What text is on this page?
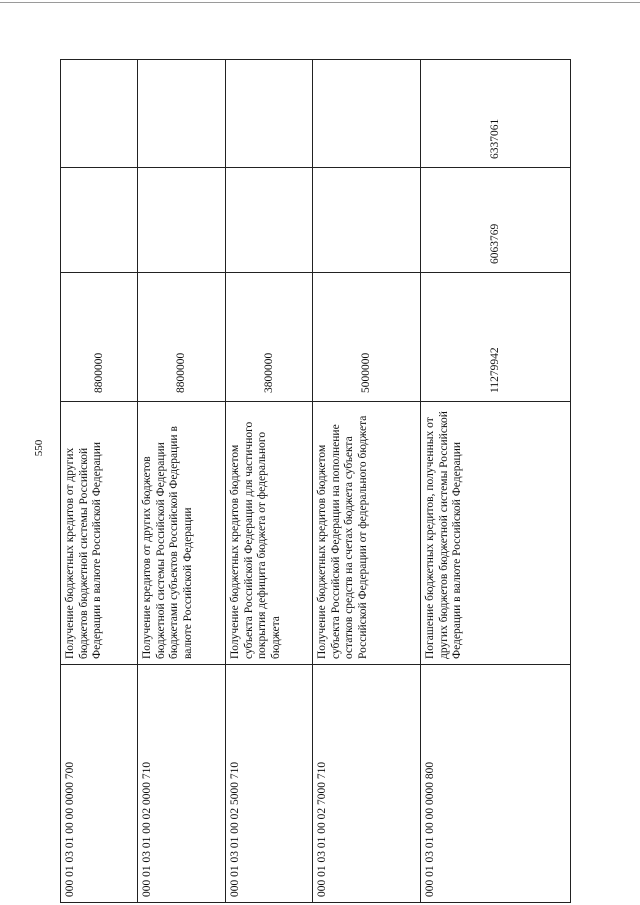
550
000 01 03 01 00 00 0000 700	Получение бюджетных кредитов от других бюджетов бюджетной системы Российской Федерации в валюте Российской Федерации	8800000		
000 01 03 01 00 02 0000 710	Получение кредитов от других бюджетов бюджетной системы Российской Федерации бюджетами субъектов Российской Федерации в валюте Российской Федерации	8800000		
000 01 03 01 00 02 5000 710	Получение бюджетных кредитов бюджетом субъекта Российской Федерации для частичного покрытия дефицита бюджета от федерального бюджета	3800000		
000 01 03 01 00 02 7000 710	Получение бюджетных кредитов бюджетом субъекта Российской Федерации на пополнение остатков средств на счетах бюджета субъекта Российской Федерации от федерального бюджета	5000000		
000 01 03 01 00 00 0000 800	Погашение бюджетных кредитов, полученных от других бюджетов бюджетной системы Российской Федерации в валюте Российской Федерации	11279942	6063769	6337061
